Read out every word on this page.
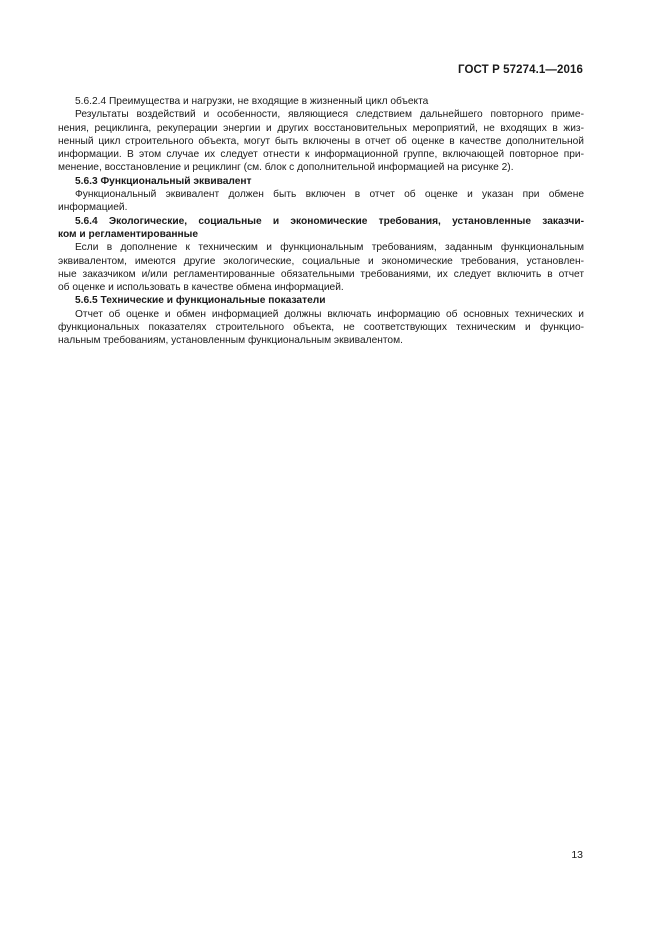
ГОСТ Р 57274.1—2016
5.6.2.4 Преимущества и нагрузки, не входящие в жизненный цикл объекта
Результаты воздействий и особенности, являющиеся следствием дальнейшего повторного приме-
нения, рециклинга, рекуперации энергии и других восстановительных мероприятий, не входящих в жиз-
ненный цикл строительного объекта, могут быть включены в отчет об оценке в качестве дополнительной
информации. В этом случае их следует отнести к информационной группе, включающей повторное при-
менение, восстановление и рециклинг (см. блок с дополнительной информацией на рисунке 2).
5.6.3 Функциональный эквивалент
Функциональный эквивалент должен быть включен в отчет об оценке и указан при обмене
информацией.
5.6.4 Экологические, социальные и экономические требования, установленные заказчи-
ком и регламентированные
Если в дополнение к техническим и функциональным требованиям, заданным функциональным
эквивалентом, имеются другие экологические, социальные и экономические требования, установлен-
ные заказчиком и/или регламентированные обязательными требованиями, их следует включить в отчет
об оценке и использовать в качестве обмена информацией.
5.6.5 Технические и функциональные показатели
Отчет об оценке и обмен информацией должны включать информацию об основных технических и
функциональных показателях строительного объекта, не соответствующих техническим и функцио-
нальным требованиям, установленным функциональным эквивалентом.
13
